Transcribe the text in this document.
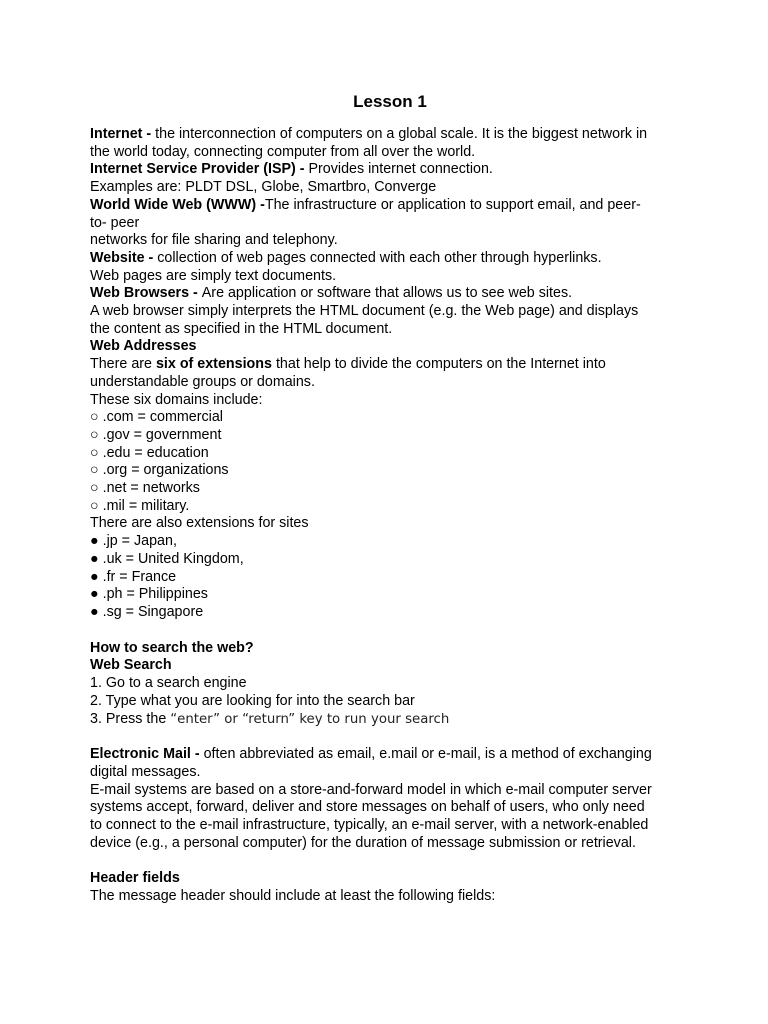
Lesson 1
Internet - the interconnection of computers on a global scale. It is the biggest network in
the world today, connecting computer from all over the world.
Internet Service Provider (ISP) - Provides internet connection.
Examples are: PLDT DSL, Globe, Smartbro, Converge
World Wide Web (WWW) -The infrastructure or application to support email, and peer-
to- peer
networks for file sharing and telephony.
Website - collection of web pages connected with each other through hyperlinks.
Web pages are simply text documents.
Web Browsers - Are application or software that allows us to see web sites.
A web browser simply interprets the HTML document (e.g. the Web page) and displays
the content as specified in the HTML document.
Web Addresses
There are six of extensions that help to divide the computers on the Internet into
understandable groups or domains.
These six domains include:
○ .com = commercial
○ .gov = government
○ .edu = education
○ .org = organizations
○ .net = networks
○ .mil = military.
There are also extensions for sites
● .jp = Japan,
● .uk = United Kingdom,
● .fr = France
● .ph = Philippines
● .sg = Singapore
How to search the web?
Web Search
1. Go to a search engine
2. Type what you are looking for into the search bar
3. Press the “enter” or “return” key to run your search
Electronic Mail - often abbreviated as email, e.mail or e-mail, is a method of exchanging
digital messages.
E-mail systems are based on a store-and-forward model in which e-mail computer server
systems accept, forward, deliver and store messages on behalf of users, who only need
to connect to the e-mail infrastructure, typically, an e-mail server, with a network-enabled
device (e.g., a personal computer) for the duration of message submission or retrieval.
Header fields
The message header should include at least the following fields:
